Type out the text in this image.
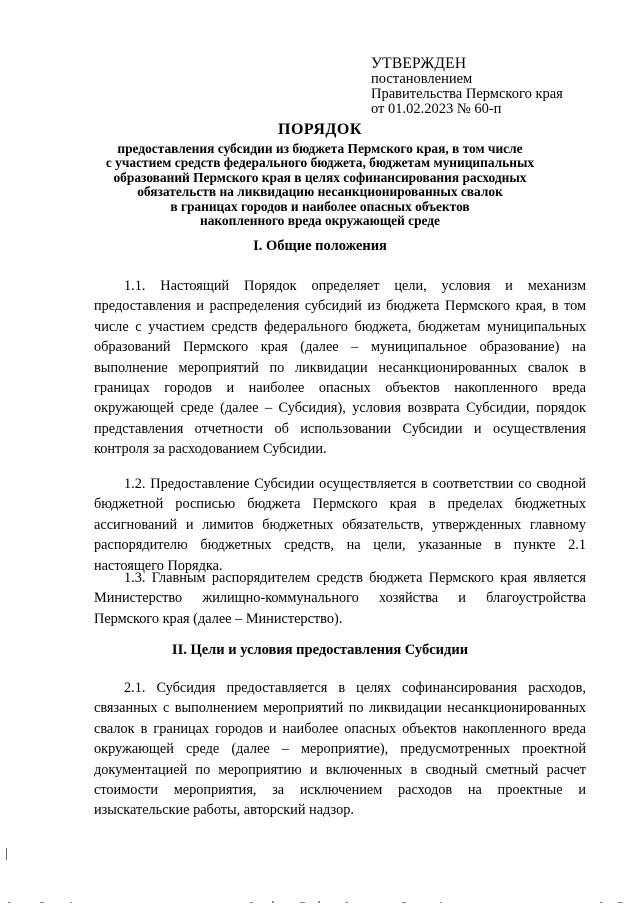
УТВЕРЖДЕН
постановлением
Правительства Пермского края
от 01.02.2023 № 60-п
ПОРЯДОК
предоставления субсидии из бюджета Пермского края, в том числе
с участием средств федерального бюджета, бюджетам муниципальных
образований Пермского края в целях софинансирования расходных
обязательств на ликвидацию несанкционированных свалок
в границах городов и наиболее опасных объектов
накопленного вреда окружающей среде
I. Общие положения

1.1. Настоящий Порядок определяет цели, условия и механизм предоставления и распределения субсидий из бюджета Пермского края, в том числе с участием средств федерального бюджета, бюджетам муниципальных образований Пермского края (далее – муниципальное образование) на выполнение мероприятий по ликвидации несанкционированных свалок в границах городов и наиболее опасных объектов накопленного вреда окружающей среде (далее – Субсидия), условия возврата Субсидии, порядок представления отчетности об использовании Субсидии и осуществления контроля за расходованием Субсидии.

1.2. Предоставление Субсидии осуществляется в соответствии со сводной бюджетной росписью бюджета Пермского края в пределах бюджетных ассигнований и лимитов бюджетных обязательств, утвержденных главному распорядителю бюджетных средств, на цели, указанные в пункте 2.1 настоящего Порядка.

1.3. Главным распорядителем средств бюджета Пермского края является Министерство жилищно-коммунального хозяйства и благоустройства Пермского края (далее – Министерство).

II. Цели и условия предоставления Субсидии

2.1. Субсидия предоставляется в целях софинансирования расходов, связанных с выполнением мероприятий по ликвидации несанкционированных свалок в границах городов и наиболее опасных объектов накопленного вреда окружающей среде (далее – мероприятие), предусмотренных проектной документацией по мероприятию и включенных в сводный сметный расчет стоимости мероприятия, за исключением расходов на проектные и изыскательские работы, авторский надзор.
